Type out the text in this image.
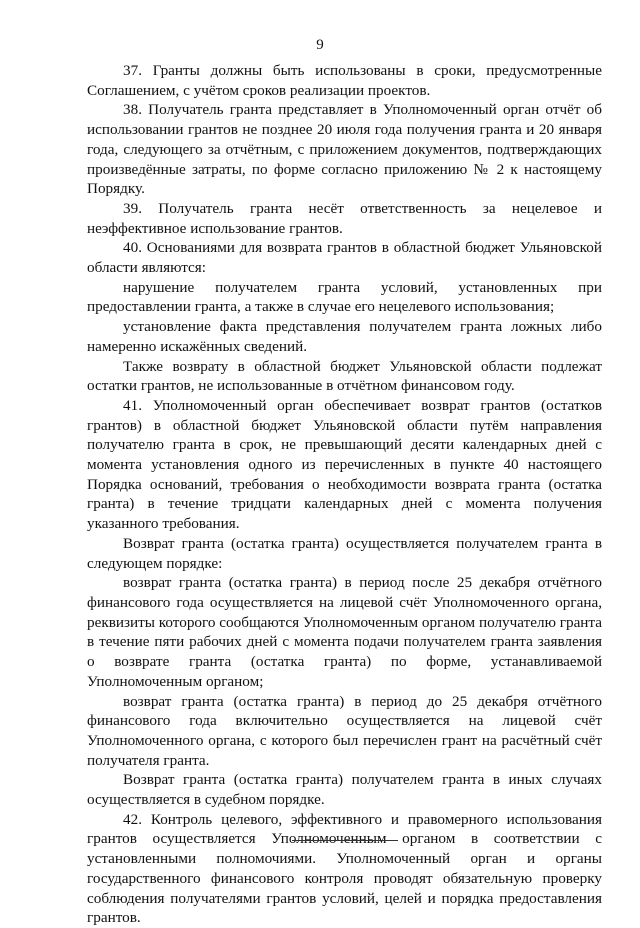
9

37. Гранты должны быть использованы в сроки, предусмотренные Соглашением, с учётом сроков реализации проектов.

38. Получатель гранта представляет в Уполномоченный орган отчёт об использовании грантов не позднее 20 июля года получения гранта и 20 января года, следующего за отчётным, с приложением документов, подтверждающих произведённые затраты, по форме согласно приложению № 2 к настоящему Порядку.

39. Получатель гранта несёт ответственность за нецелевое и неэффективное использование грантов.

40. Основаниями для возврата грантов в областной бюджет Ульяновской области являются:

нарушение получателем гранта условий, установленных при предоставлении гранта, а также в случае его нецелевого использования;

установление факта представления получателем гранта ложных либо намеренно искажённых сведений.

Также возврату в областной бюджет Ульяновской области подлежат остатки грантов, не использованные в отчётном финансовом году.

41. Уполномоченный орган обеспечивает возврат грантов (остатков грантов) в областной бюджет Ульяновской области путём направления получателю гранта в срок, не превышающий десяти календарных дней с момента установления одного из перечисленных в пункте 40 настоящего Порядка оснований, требования о необходимости возврата гранта (остатка гранта) в течение тридцати календарных дней с момента получения указанного требования.

Возврат гранта (остатка гранта) осуществляется получателем гранта в следующем порядке:

возврат гранта (остатка гранта) в период после 25 декабря отчётного финансового года осуществляется на лицевой счёт Уполномоченного органа, реквизиты которого сообщаются Уполномоченным органом получателю гранта в течение пяти рабочих дней с момента подачи получателем гранта заявления о возврате гранта (остатка гранта) по форме, устанавливаемой Уполномоченным органом;

возврат гранта (остатка гранта) в период до 25 декабря отчётного финансового года включительно осуществляется на лицевой счёт Уполномоченного органа, с которого был перечислен грант на расчётный счёт получателя гранта.

Возврат гранта (остатка гранта) получателем гранта в иных случаях осуществляется в судебном порядке.

42. Контроль целевого, эффективного и правомерного использования грантов осуществляется Уполномоченным органом в соответствии с установленными полномочиями. Уполномоченный орган и органы государственного финансового контроля проводят обязательную проверку соблюдения получателями грантов условий, целей и порядка предоставления грантов.
